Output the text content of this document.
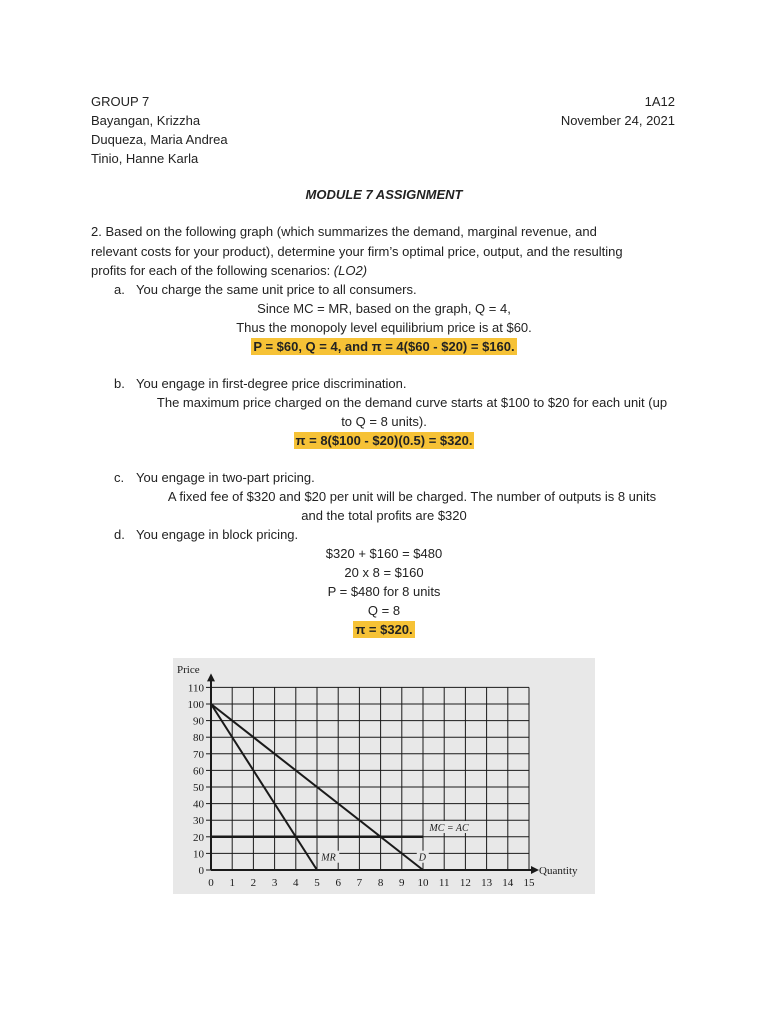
GROUP 7	1A12
Bayangan, Krizzha	November 24, 2021
Duqueza, Maria Andrea
Tinio, Hanne Karla
MODULE 7 ASSIGNMENT
2. Based on the following graph (which summarizes the demand, marginal revenue, and
relevant costs for your product), determine your firm’s optimal price, output, and the resulting
profits for each of the following scenarios: (LO2)
a. You charge the same unit price to all consumers.
Since MC = MR, based on the graph, Q = 4,
Thus the monopoly level equilibrium price is at $60.
P = $60, Q = 4, and π = 4($60 - $20) = $160.
b. You engage in first-degree price discrimination.
The maximum price charged on the demand curve starts at $100 to $20 for each unit (up
to Q = 8 units).
π = 8($100 - $20)(0.5) = $320.
c. You engage in two-part pricing.
A fixed fee of $320 and $20 per unit will be charged. The number of outputs is 8 units
and the total profits are $320
d. You engage in block pricing.
$320 + $160 = $480
20 x 8 = $160
P = $480 for 8 units
Q = 8
π = $320.
0 1 2 3 4 5 6 7 8 9 10 11 12 13 14 15
0
10
20
30
40
50
60
70
80
90
100
110
Price
Quantity
MC = AC
MR	D
